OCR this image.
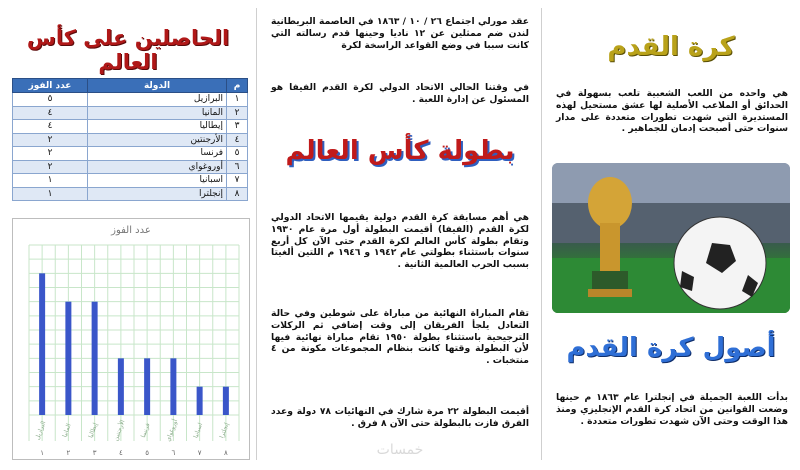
الحاصلين على كأس العالم
م	الدولة	عدد الفوز
١	البرازيل	٥
٢	المانيا	٤
٣	إيطاليا	٤
٤	الأرجنتين	٢
٥	فرنسا	٢
٦	أوروغواي	٢
٧	اسبانيا	١
٨	إنجلترا	١
عدد الفوز
البرازيل
١
المانيا
٢
إيطاليا
٣
الأرجنتين
٤
فرنسا
٥
أوروغواي
٦
اسبانيا
٧
إنجلترا
٨
عقد مورلي اجتماع ٢٦ / ١٠ / ١٨٦٣ في العاصمة البريطانية لندن ضم ممثلين عن ١٢ ناديا وحينها قدم رسالته التي كانت سببا في وضع القواعد الراسخة لكرة
في وقتنا الحالي الاتحاد الدولي لكرة القدم الفيفا هو المسئول عن إدارة اللعبة .
بطولة كأس العالم
هي أهم مسابقة كرة القدم دولية يقيمها الاتحاد الدولي لكرة القدم (الفيفا) أقيمت البطولة أول مرة عام ١٩٣٠ وتقام بطولة كأس العالم لكرة القدم حتى الآن كل أربع سنوات باستثناء بطولتي عام ١٩٤٢ و ١٩٤٦ م اللتين ألغيتا بسبب الحرب العالمية الثانية .
تقام المباراة النهائية من مباراة على شوطين وفي حالة التعادل يلجأ الفريقان إلى وقت إضافي ثم الركلات الترجيحية باستثناء بطولة ١٩٥٠ تقام مباراة نهائية فيها لأن البطولة وقتها كانت بنظام المجموعات مكونة من ٤ منتخبات .
أقيمت البطولة ٢٢ مرة شارك في النهائيات ٧٨ دولة وعدد الفرق فازت بالبطولة حتى الآن ٨ فرق .
خمسات
كرة القدم
هي واحده من اللعب الشعبية تلعب بسهولة في الحدائق أو الملاعب الأصلية لها عشق مستحيل لهذه المستديرة التي شهدت تطورات متعددة على مدار سنوات حتى أصبحت إدمان للجماهير .
أصول كرة القدم
بدأت اللعبة الجميلة في إنجلترا عام ١٨٦٣ م حينها وضعت القوانين من اتحاد كرة القدم الإنجليزي ومنذ هذا الوقت وحتى الآن شهدت تطورات متعددة .
